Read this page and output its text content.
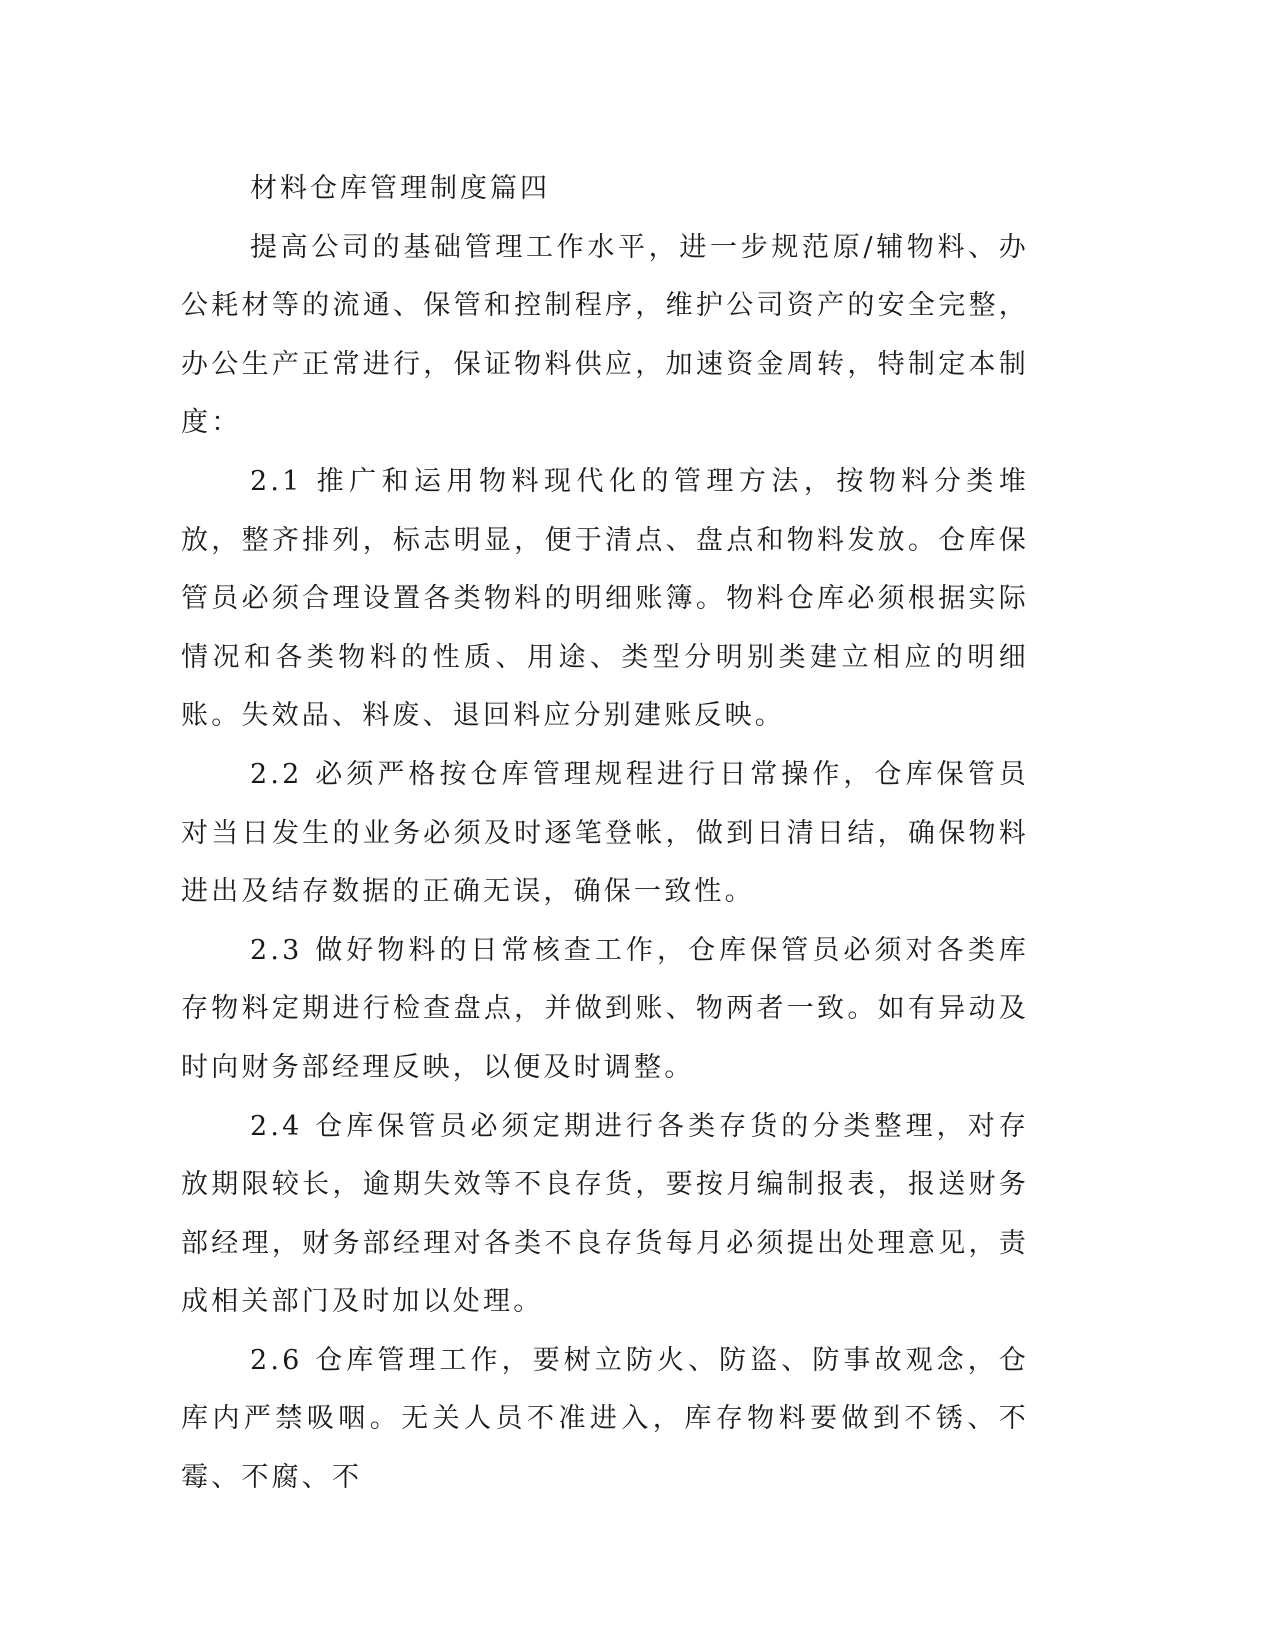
材料仓库管理制度篇四

提高公司的基础管理工作水平，进一步规范原/辅物料、办公耗材等的流通、保管和控制程序，维护公司资产的安全完整，办公生产正常进行，保证物料供应，加速资金周转，特制定本制度：

2.1 推广和运用物料现代化的管理方法，按物料分类堆放，整齐排列，标志明显，便于清点、盘点和物料发放。仓库保管员必须合理设置各类物料的明细账簿。物料仓库必须根据实际情况和各类物料的性质、用途、类型分明别类建立相应的明细账。失效品、料废、退回料应分别建账反映。

2.2 必须严格按仓库管理规程进行日常操作，仓库保管员对当日发生的业务必须及时逐笔登帐，做到日清日结，确保物料进出及结存数据的正确无误，确保一致性。

2.3 做好物料的日常核查工作，仓库保管员必须对各类库存物料定期进行检查盘点，并做到账、物两者一致。如有异动及时向财务部经理反映，以便及时调整。

2.4 仓库保管员必须定期进行各类存货的分类整理，对存放期限较长，逾期失效等不良存货，要按月编制报表，报送财务部经理，财务部经理对各类不良存货每月必须提出处理意见，责成相关部门及时加以处理。

2.6 仓库管理工作，要树立防火、防盗、防事故观念，仓库内严禁吸咽。无关人员不准进入，库存物料要做到不锈、不霉、不腐、不
